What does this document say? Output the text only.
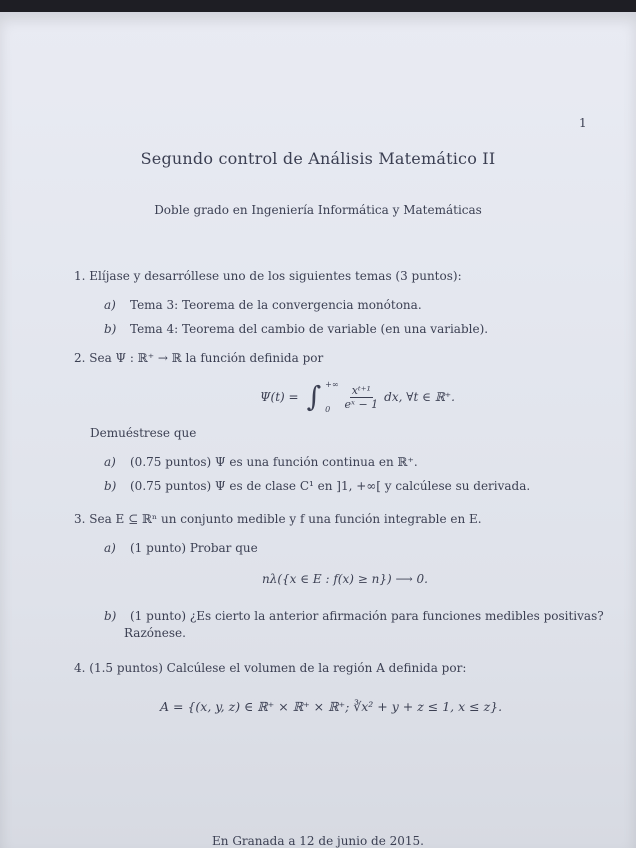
1
Segundo control de Análisis Matemático II
Doble grado en Ingeniería Informática y Matemáticas
1. Elíjase y desarróllese uno de los siguientes temas (3 puntos):
a) Tema 3: Teorema de la convergencia monótona.
b) Tema 4: Teorema del cambio de variable (en una variable).
2. Sea Ψ : ℝ⁺ → ℝ la función definida por
Ψ(t) = ∫ +∞
0	$\frac{\text{xᵗ⁺¹}}{\text{eˣ − 1}}$ dx, ∀t ∈ ℝ⁺.
Demuéstrese que
a) (0.75 puntos) Ψ es una función continua en ℝ⁺.
b) (0.75 puntos) Ψ es de clase C¹ en ]1, +∞[ y calcúlese su derivada.
3. Sea E ⊆ ℝⁿ un conjunto medible y f una función integrable en E.
a) (1 punto) Probar que
nλ({x ∈ E : f(x) ≥ n}) ⟶ 0.
b) (1 punto) ¿Es cierto la anterior afirmación para funciones medibles positivas?
Razónese.
4. (1.5 puntos) Calcúlese el volumen de la región A definida por:
A = {(x, y, z) ∈ ℝ⁺ × ℝ⁺ × ℝ⁺; ∛x² + y + z ≤ 1, x ≤ z}.
En Granada a 12 de junio de 2015.
